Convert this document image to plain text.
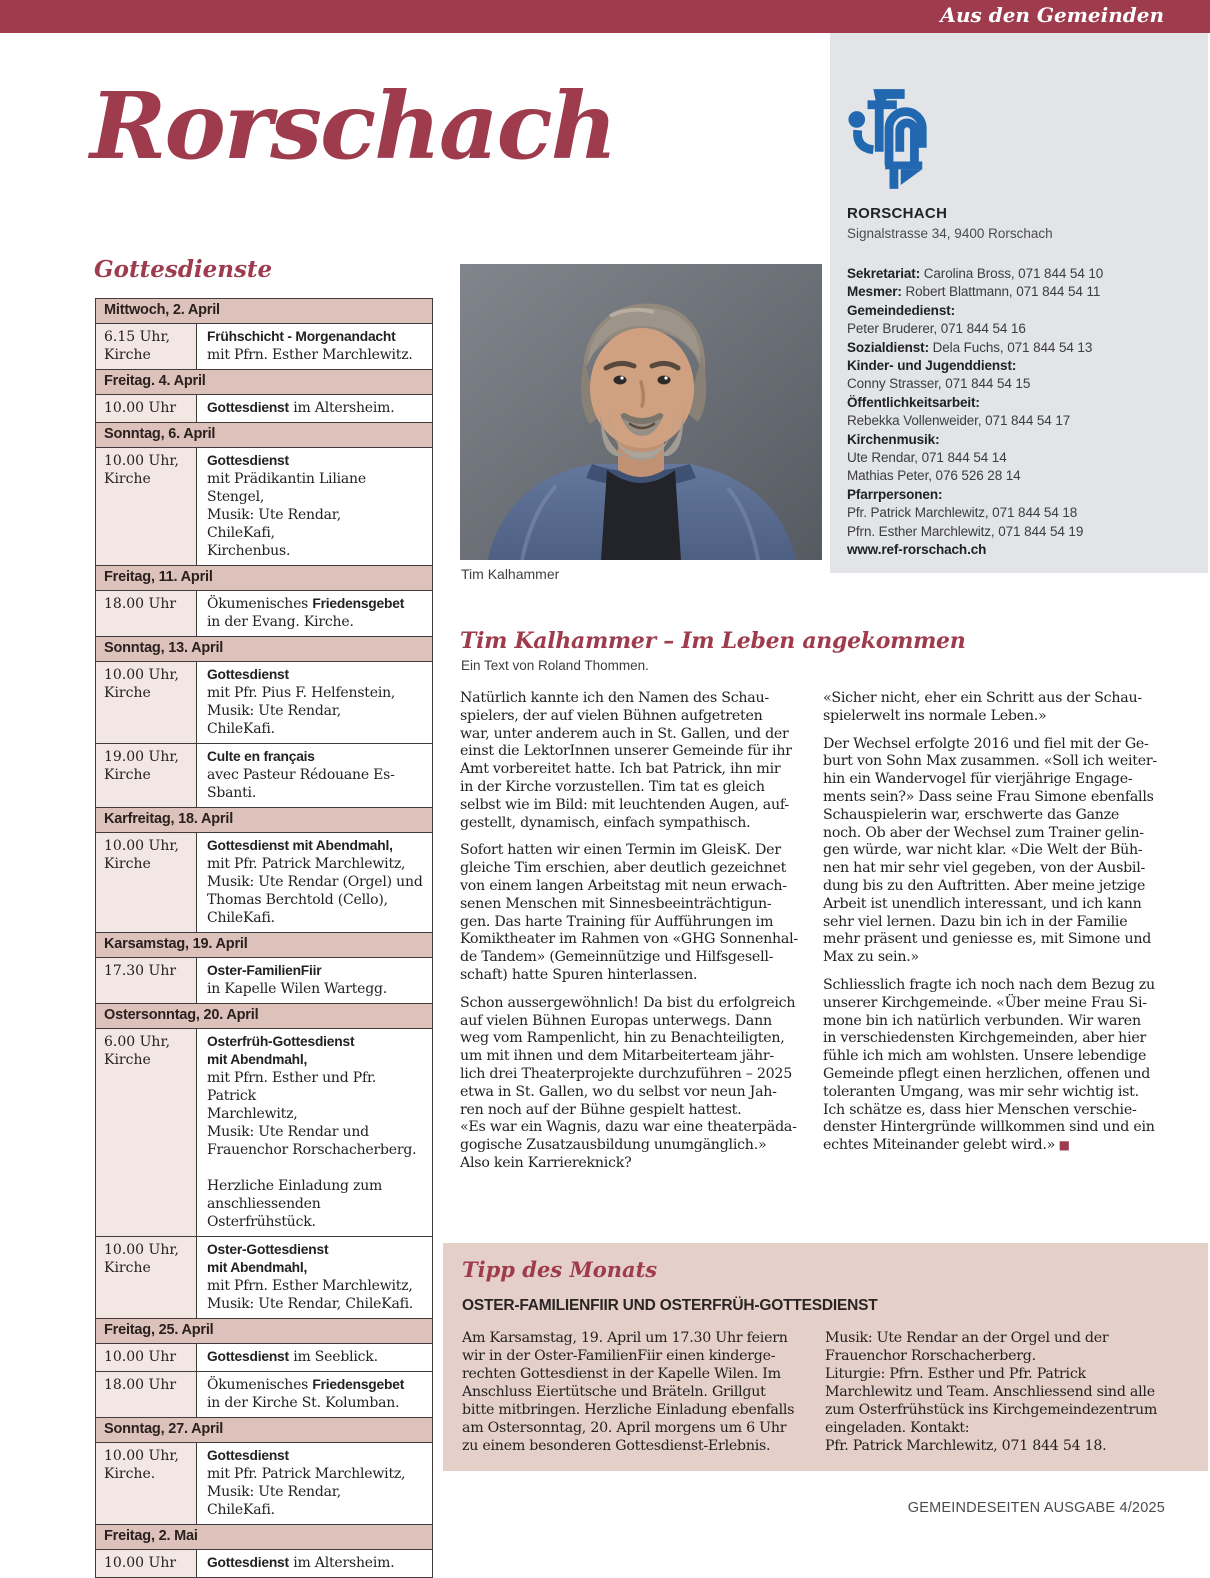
Aus den Gemeinden
Rorschach
RORSCHACH
Signalstrasse 34, 9400 Rorschach
Sekretariat: Carolina Bross, 071 844 54 10
Mesmer: Robert Blattmann, 071 844 54 11
Gemeindedienst:
Peter Bruderer, 071 844 54 16
Sozialdienst: Dela Fuchs, 071 844 54 13
Kinder- und Jugenddienst:
Conny Strasser, 071 844 54 15
Öffentlichkeitsarbeit:
Rebekka Vollenweider, 071 844 54 17
Kirchenmusik:
Ute Rendar, 071 844 54 14
Mathias Peter, 076 526 28 14
Pfarrpersonen:
Pfr. Patrick Marchlewitz, 071 844 54 18
Pfrn. Esther Marchlewitz, 071 844 54 19
www.ref-rorschach.ch
Gottesdienste
Mittwoch, 2. April	
6.15 Uhr,
Kirche	Frühschicht - Morgenandacht
mit Pfrn. Esther Marchlewitz.
Freitag. 4. April	
10.00 Uhr	Gottesdienst im Altersheim.
Sonntag, 6. April	
10.00 Uhr,
Kirche	Gottesdienst
mit Prädikantin Liliane Stengel,
Musik: Ute Rendar,
ChileKafi,
Kirchenbus.
Freitag, 11. April	
18.00 Uhr	Ökumenisches Friedensgebet
in der Evang. Kirche.
Sonntag, 13. April	
10.00 Uhr,
Kirche	Gottesdienst
mit Pfr. Pius F. Helfenstein,
Musik: Ute Rendar,
ChileKafi.
19.00 Uhr,
Kirche	Culte en français
avec Pasteur Rédouane Es-Sbanti.
Karfreitag, 18. April	
10.00 Uhr,
Kirche	Gottesdienst mit Abendmahl,
mit Pfr. Patrick Marchlewitz,
Musik: Ute Rendar (Orgel) und
Thomas Berchtold (Cello),
ChileKafi.
Karsamstag, 19. April	
17.30 Uhr	Oster-FamilienFiir
in Kapelle Wilen Wartegg.
Ostersonntag, 20. April	
6.00 Uhr,
Kirche	Osterfrüh-Gottesdienst
mit Abendmahl,
mit Pfrn. Esther und Pfr. Patrick
Marchlewitz,
Musik: Ute Rendar und
Frauenchor Rorschacherberg.

Herzliche Einladung zum
anschliessenden Osterfrühstück.
10.00 Uhr,
Kirche	Oster-Gottesdienst
mit Abendmahl,
mit Pfrn. Esther Marchlewitz,
Musik: Ute Rendar, ChileKafi.
Freitag, 25. April	
10.00 Uhr	Gottesdienst im Seeblick.
18.00 Uhr	Ökumenisches Friedensgebet
in der Kirche St. Kolumban.
Sonntag, 27. April	
10.00 Uhr,
Kirche.	Gottesdienst
mit Pfr. Patrick Marchlewitz,
Musik: Ute Rendar,
ChileKafi.
Freitag, 2. Mai	
10.00 Uhr	Gottesdienst im Altersheim.
Tim Kalhammer
Tim Kalhammer – Im Leben angekommen
Ein Text von Roland Thommen.

Natürlich kannte ich den Namen des Schau-
spielers, der auf vielen Bühnen aufgetreten
war, unter anderem auch in St. Gallen, und der
einst die LektorInnen unserer Gemeinde für ihr
Amt vorbereitet hatte. Ich bat Patrick, ihn mir
in der Kirche vorzustellen. Tim tat es gleich
selbst wie im Bild: mit leuchtenden Augen, auf-
gestellt, dynamisch, einfach sympathisch.

Sofort hatten wir einen Termin im GleisK. Der
gleiche Tim erschien, aber deutlich gezeichnet
von einem langen Arbeitstag mit neun erwach-
senen Menschen mit Sinnesbeeinträchtigun-
gen. Das harte Training für Aufführungen im
Komiktheater im Rahmen von «GHG Sonnenhal-
de Tandem» (Gemeinnützige und Hilfsgesell-
schaft) hatte Spuren hinterlassen.

Schon aussergewöhnlich! Da bist du erfolgreich
auf vielen Bühnen Europas unterwegs. Dann
weg vom Rampenlicht, hin zu Benachteiligten,
um mit ihnen und dem Mitarbeiterteam jähr-
lich drei Theaterprojekte durchzuführen – 2025
etwa in St. Gallen, wo du selbst vor neun Jah-
ren noch auf der Bühne gespielt hattest.
«Es war ein Wagnis, dazu war eine theaterpäda-
gogische Zusatzausbildung unumgänglich.»
Also kein Karriereknick?

«Sicher nicht, eher ein Schritt aus der Schau-
spielerwelt ins normale Leben.»

Der Wechsel erfolgte 2016 und fiel mit der Ge-
burt von Sohn Max zusammen. «Soll ich weiter-
hin ein Wandervogel für vierjährige Engage-
ments sein?» Dass seine Frau Simone ebenfalls
Schauspielerin war, erschwerte das Ganze
noch. Ob aber der Wechsel zum Trainer gelin-
gen würde, war nicht klar. «Die Welt der Büh-
nen hat mir sehr viel gegeben, von der Ausbil-
dung bis zu den Auftritten. Aber meine jetzige
Arbeit ist unendlich interessant, und ich kann
sehr viel lernen. Dazu bin ich in der Familie
mehr präsent und geniesse es, mit Simone und
Max zu sein.»

Schliesslich fragte ich noch nach dem Bezug zu
unserer Kirchgemeinde. «Über meine Frau Si-
mone bin ich natürlich verbunden. Wir waren
in verschiedensten Kirchgemeinden, aber hier
fühle ich mich am wohlsten. Unsere lebendige
Gemeinde pflegt einen herzlichen, offenen und
toleranten Umgang, was mir sehr wichtig ist.
Ich schätze es, dass hier Menschen verschie-
denster Hintergründe willkommen sind und ein
echtes Miteinander gelebt wird.» ■

Tipp des Monats
OSTER-FAMILIENFIIR UND OSTERFRÜH-GOTTESDIENST

Am Karsamstag, 19. April um 17.30 Uhr feiern
wir in der Oster-FamilienFiir einen kinderge-
rechten Gottesdienst in der Kapelle Wilen. Im
Anschluss Eiertütsche und Bräteln. Grillgut
bitte mitbringen. Herzliche Einladung ebenfalls
am Ostersonntag, 20. April morgens um 6 Uhr
zu einem besonderen Gottesdienst-Erlebnis.

Musik: Ute Rendar an der Orgel und der
Frauenchor Rorschacherberg.
Liturgie: Pfrn. Esther und Pfr. Patrick
Marchlewitz und Team. Anschliessend sind alle
zum Osterfrühstück ins Kirchgemeindezentrum
eingeladen. Kontakt:
Pfr. Patrick Marchlewitz, 071 844 54 18.

GEMEINDESEITEN AUSGABE 4/2025
